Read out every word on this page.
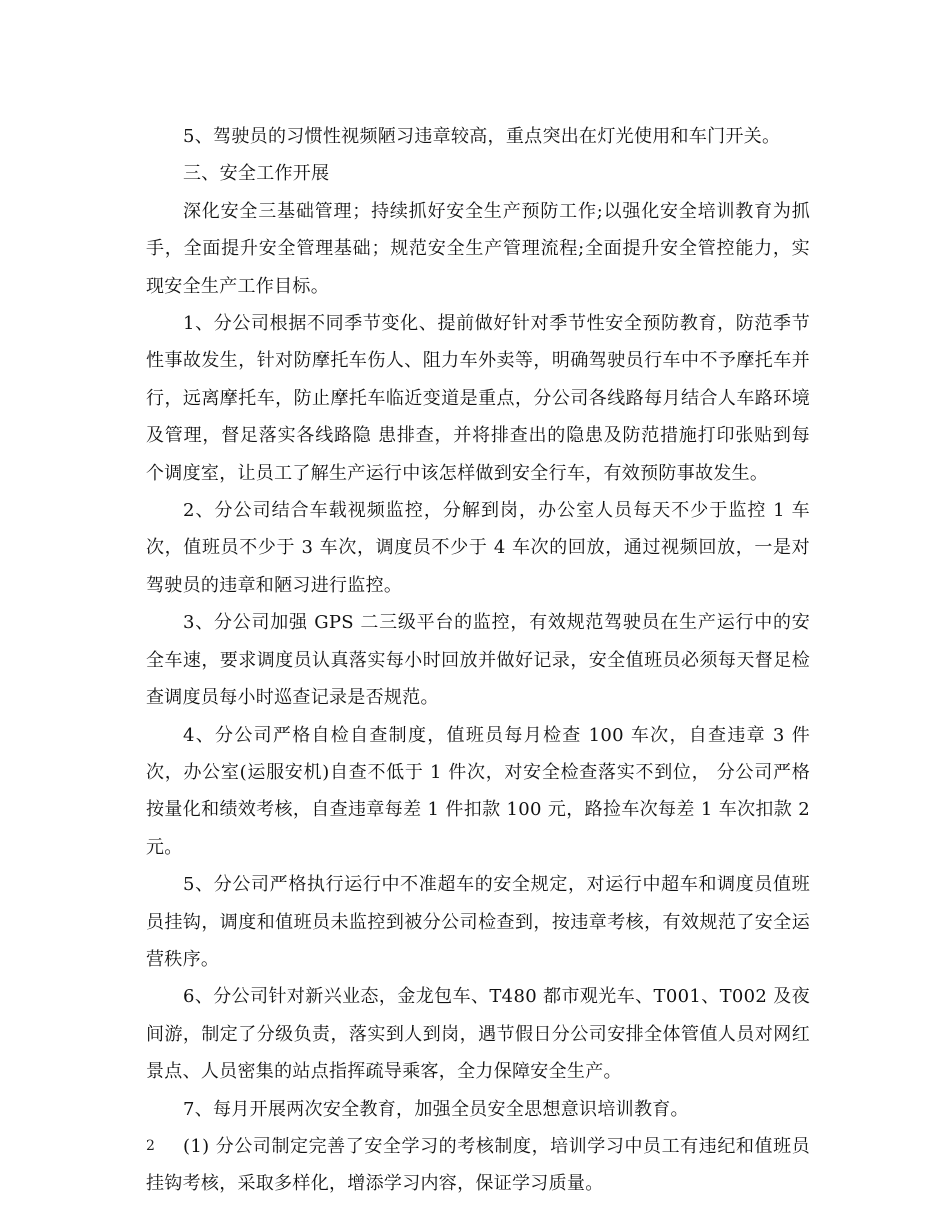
5、驾驶员的习惯性视频陋习违章较高，重点突出在灯光使用和车门开关。

三、安全工作开展

深化安全三基础管理；持续抓好安全生产预防工作;以强化安全培训教育为抓手，全面提升安全管理基础；规范安全生产管理流程;全面提升安全管控能力，实现安全生产工作目标。

1、分公司根据不同季节变化、提前做好针对季节性安全预防教育，防范季节性事故发生，针对防摩托车伤人、阻力车外卖等，明确驾驶员行车中不予摩托车并行，远离摩托车，防止摩托车临近变道是重点，分公司各线路每月结合人车路环境及管理，督足落实各线路隐 患排查，并将排查出的隐患及防范措施打印张贴到每个调度室，让员工了解生产运行中该怎样做到安全行车，有效预防事故发生。

2、分公司结合车载视频监控，分解到岗，办公室人员每天不少于监控 1 车次，值班员不少于 3 车次，调度员不少于 4 车次的回放，通过视频回放，一是对驾驶员的违章和陋习进行监控。

3、分公司加强 GPS 二三级平台的监控，有效规范驾驶员在生产运行中的安全车速，要求调度员认真落实每小时回放并做好记录，安全值班员必须每天督足检查调度员每小时巡查记录是否规范。

4、分公司严格自检自查制度，值班员每月检查 100 车次，自查违章 3 件次，办公室(运服安机)自查不低于 1 件次，对安全检查落实不到位， 分公司严格按量化和绩效考核，自查违章每差 1 件扣款 100 元，路捡车次每差 1 车次扣款 2 元。

5、分公司严格执行运行中不准超车的安全规定，对运行中超车和调度员值班员挂钩，调度和值班员未监控到被分公司检查到，按违章考核，有效规范了安全运营秩序。

6、分公司针对新兴业态，金龙包车、T480 都市观光车、T001、T002 及夜间游，制定了分级负责，落实到人到岗，遇节假日分公司安排全体管值人员对网红景点、人员密集的站点指挥疏导乘客，全力保障安全生产。

7、每月开展两次安全教育，加强全员安全思想意识培训教育。

(1) 分公司制定完善了安全学习的考核制度，培训学习中员工有违纪和值班员挂钩考核，采取多样化，增添学习内容，保证学习质量。

2
